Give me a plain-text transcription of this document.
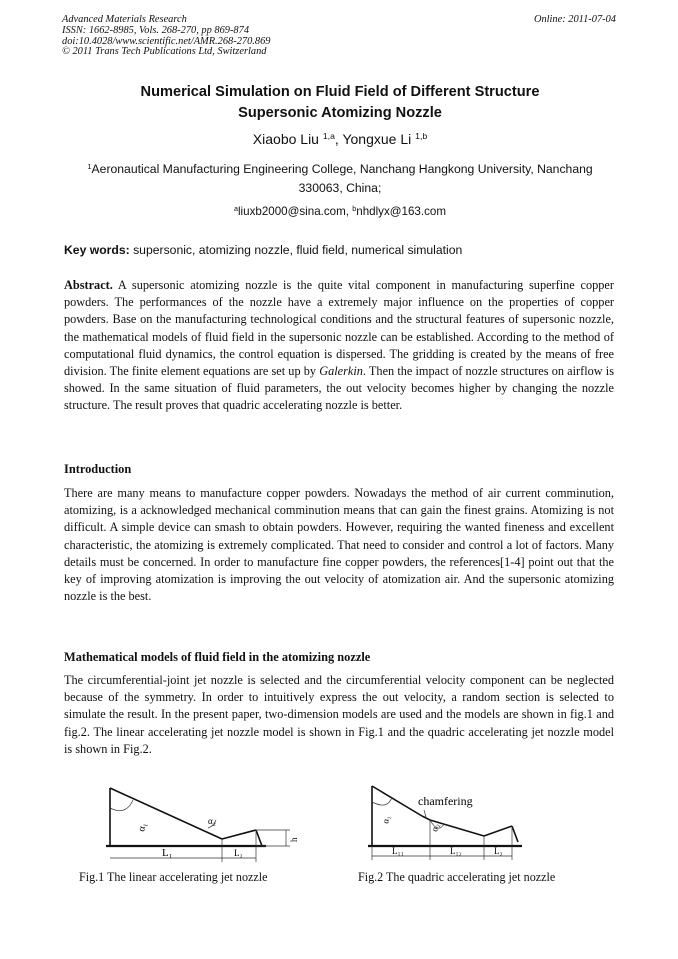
Advanced Materials Research
ISSN: 1662-8985, Vols. 268-270, pp 869-874
doi:10.4028/www.scientific.net/AMR.268-270.869
© 2011 Trans Tech Publications Ltd, Switzerland
Online: 2011-07-04
Numerical Simulation on Fluid Field of Different Structure
Supersonic Atomizing Nozzle
Xiaobo Liu $^{1,a}$, Yongxue Li $^{1,b}$
$^1$Aeronautical Manufacturing Engineering College, Nanchang Hangkong University, Nanchang
330063, China;
$^a$liuxb2000@sina.com, $^b$nhdlyx@163.com
Key words: supersonic, atomizing nozzle, fluid field, numerical simulation
Abstract. A supersonic atomizing nozzle is the quite vital component in manufacturing superfine copper powders. The performances of the nozzle have a extremely major influence on the properties of copper powders. Base on the manufacturing technological conditions and the structural features of supersonic nozzle, the mathematical models of fluid field in the supersonic nozzle can be established. According to the method of computational fluid dynamics, the control equation is dispersed. The gridding is created by the means of free division. The finite element equations are set up by Galerkin. Then the impact of nozzle structures on airflow is showed. In the same situation of fluid parameters, the out velocity becomes higher by changing the nozzle structure. The result proves that quadric accelerating nozzle is better.
Introduction
There are many means to manufacture copper powders. Nowadays the method of air current comminution, atomizing, is a acknowledged mechanical comminution means that can gain the finest grains. Atomizing is not difficult. A simple device can smash to obtain powders. However, requiring the wanted fineness and excellent characteristic, the atomizing is extremely complicated. That need to consider and control a lot of factors. Many details must be concerned. In order to manufacture fine copper powders, the references[1-4] point out that the key of improving atomization is improving the out velocity of atomization air. And the supersonic atomizing nozzle is the best.
Mathematical models of fluid field in the atomizing nozzle
The circumferential-joint jet nozzle is selected and the circumferential velocity component can be neglected because of the symmetry. In order to intuitively express the out velocity, a random section is selected to simulate the result. In the present paper, two-dimension models are used and the models are shown in fig.1 and fig.2. The linear accelerating jet nozzle model is shown in Fig.1 and the quadric accelerating jet nozzle model is shown in Fig.2.
α₁
α₂
L₁	L₂
h
Fig.1 The linear accelerating jet nozzle
chamfering
α₁
α₂
L₁₁	L₁₂	L₂
Fig.2 The quadric accelerating jet nozzle
